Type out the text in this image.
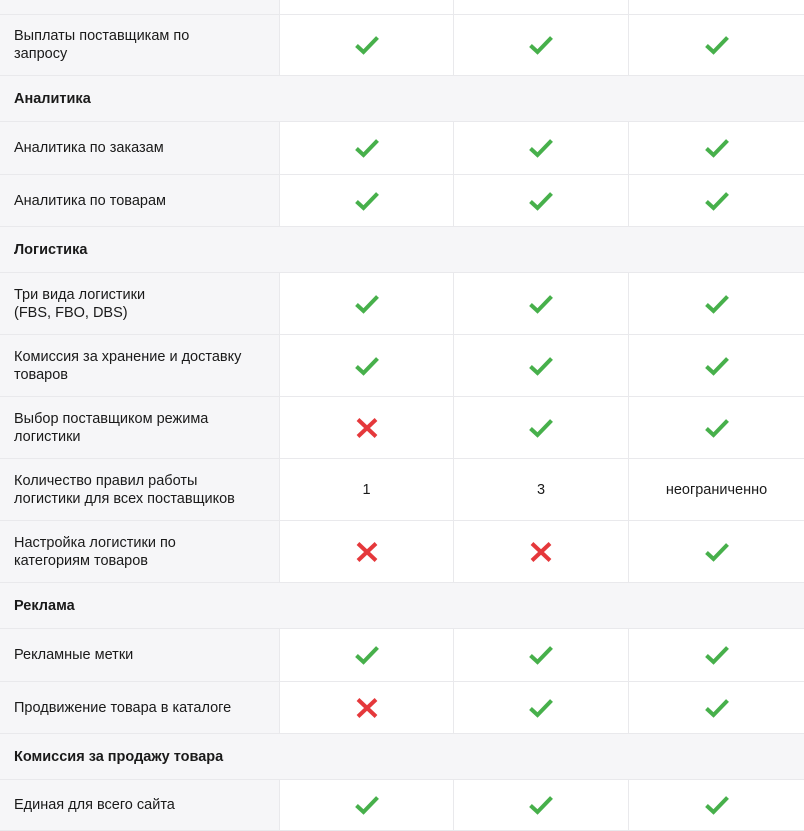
Выплаты поставщикам по
запросу
Аналитика
Аналитика по заказам
Аналитика по товарам
Логистика
Три вида логистики
(FBS, FBO, DBS)
Комиссия за хранение и доставку
товаров
Выбор поставщиком режима
логистики
Количество правил работы
логистики для всех поставщиков
1	3	неограниченно
Настройка логистики по
категориям товаров
Реклама
Рекламные метки
Продвижение товара в каталоге
Комиссия за продажу товара
Единая для всего сайта
